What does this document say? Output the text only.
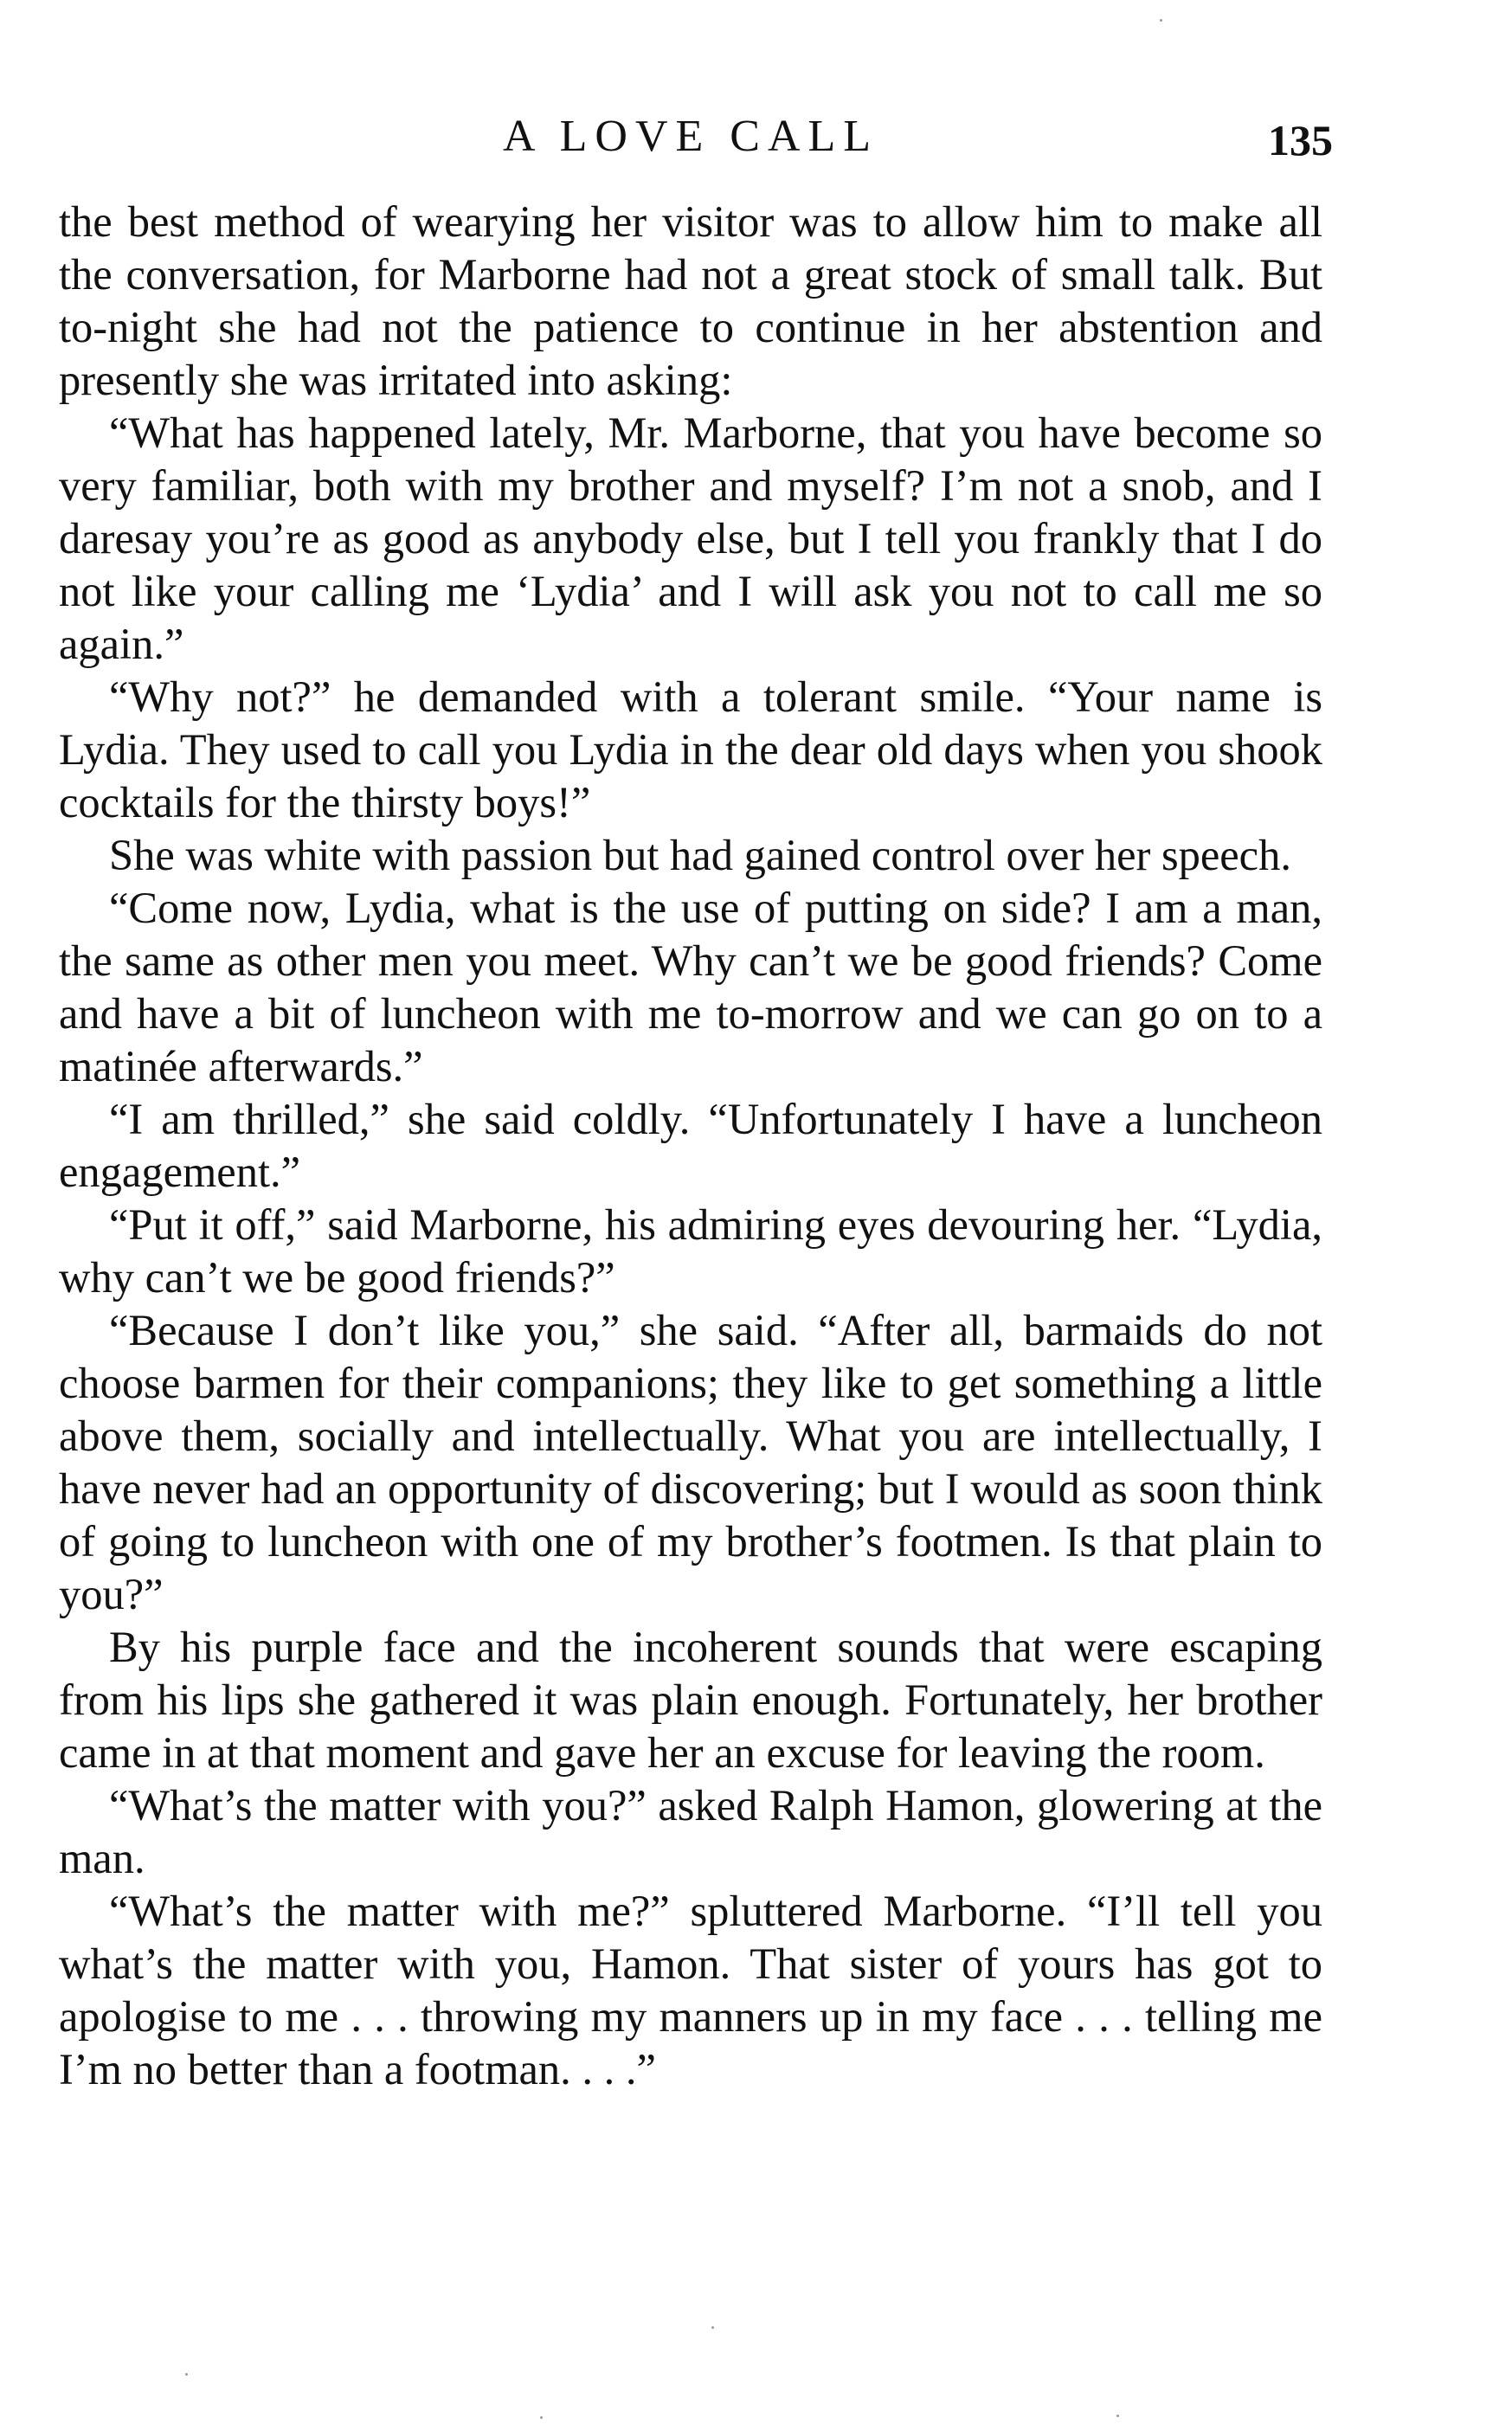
A LOVE CALL	135

the best method of wearying her visitor was to allow him to make all the conversation, for Marborne had not a great stock of small talk. But to-night she had not the patience to continue in her abstention and presently she was irritated into asking:

“What has happened lately, Mr. Marborne, that you have become so very familiar, both with my brother and myself? I’m not a snob, and I daresay you’re as good as anybody else, but I tell you frankly that I do not like your calling me ‘Lydia’ and I will ask you not to call me so again.”

“Why not?” he demanded with a tolerant smile. “Your name is Lydia. They used to call you Lydia in the dear old days when you shook cocktails for the thirsty boys!”

She was white with passion but had gained control over her speech.

“Come now, Lydia, what is the use of putting on side? I am a man, the same as other men you meet. Why can’t we be good friends? Come and have a bit of luncheon with me to-morrow and we can go on to a matinée afterwards.”

“I am thrilled,” she said coldly. “Unfortunately I have a luncheon engagement.”

“Put it off,” said Marborne, his admiring eyes devouring her. “Lydia, why can’t we be good friends?”

“Because I don’t like you,” she said. “After all, barmaids do not choose barmen for their companions; they like to get something a little above them, socially and intellectually. What you are intellectually, I have never had an opportunity of discovering; but I would as soon think of going to luncheon with one of my brother’s footmen. Is that plain to you?”

By his purple face and the incoherent sounds that were escaping from his lips she gathered it was plain enough. Fortunately, her brother came in at that moment and gave her an excuse for leaving the room.

“What’s the matter with you?” asked Ralph Hamon, glowering at the man.

“What’s the matter with me?” spluttered Marborne. “I’ll tell you what’s the matter with you, Hamon. That sister of yours has got to apologise to me . . . throwing my manners up in my face . . . telling me I’m no better than a footman. . . .”
